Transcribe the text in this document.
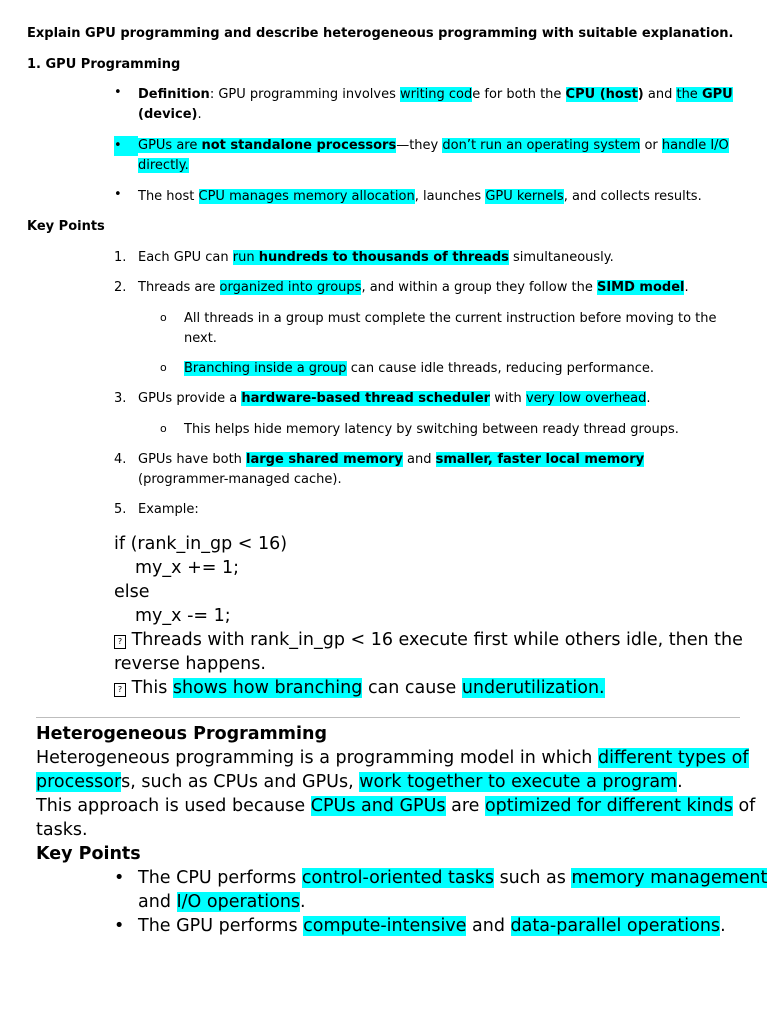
Explain GPU programming and describe heterogeneous programming with suitable explanation.
1. GPU Programming
• Definition: GPU programming involves writing code for both the CPU (host) and the GPU
(device).
•	GPUs are not standalone processors—they don’t run an operating system or handle I/O
directly.
• The host CPU manages memory allocation, launches GPU kernels, and collects results.
Key Points
1. Each GPU can run hundreds to thousands of threads simultaneously.
2. Threads are organized into groups, and within a group they follow the SIMD model.
o All threads in a group must complete the current instruction before moving to the
next.
o Branching inside a group can cause idle threads, reducing performance.
3. GPUs provide a hardware-based thread scheduler with very low overhead.
o This helps hide memory latency by switching between ready thread groups.
4. GPUs have both large shared memory and smaller, faster local memory
(programmer-managed cache).
5. Example:
if (rank_in_gp < 16)
my_x += 1;
else
my_x -= 1;
? Threads with rank_in_gp < 16 execute first while others idle, then the
reverse happens.
? This shows how branching can cause underutilization.
Heterogeneous Programming
Heterogeneous programming is a programming model in which different types of
processors, such as CPUs and GPUs, work together to execute a program.
This approach is used because CPUs and GPUs are optimized for different kinds of
tasks.
Key Points
• The CPU performs control-oriented tasks such as memory management
and I/O operations.
• The GPU performs compute-intensive and data-parallel operations.
